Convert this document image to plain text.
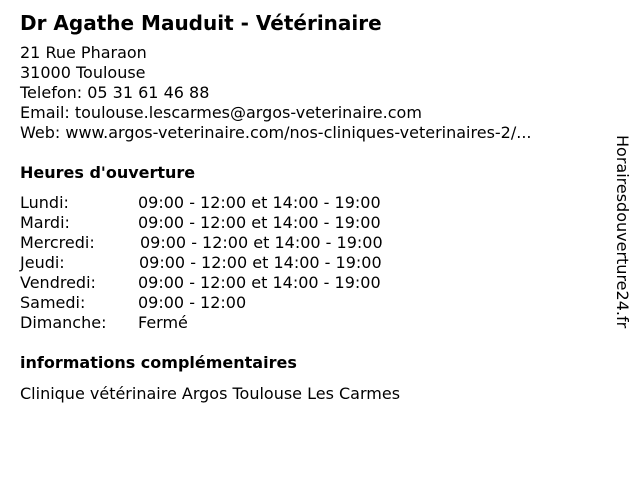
Dr Agathe Mauduit - Vétérinaire
21 Rue Pharaon
31000 Toulouse
Telefon: 05 31 61 46 88
Email: toulouse.lescarmes@argos-veterinaire.com
Web: www.argos-veterinaire.com/nos-cliniques-veterinaires-2/...
Heures d'ouverture
Lundi:	09:00 - 12:00 et 14:00 - 19:00
Mardi:	09:00 - 12:00 et 14:00 - 19:00
Mercredi:	09:00 - 12:00 et 14:00 - 19:00
Jeudi:	09:00 - 12:00 et 14:00 - 19:00
Vendredi:	09:00 - 12:00 et 14:00 - 19:00
Samedi:	09:00 - 12:00
Dimanche: Fermé
informations complémentaires
Clinique vétérinaire Argos Toulouse Les Carmes
Horairesdouverture24.fr
